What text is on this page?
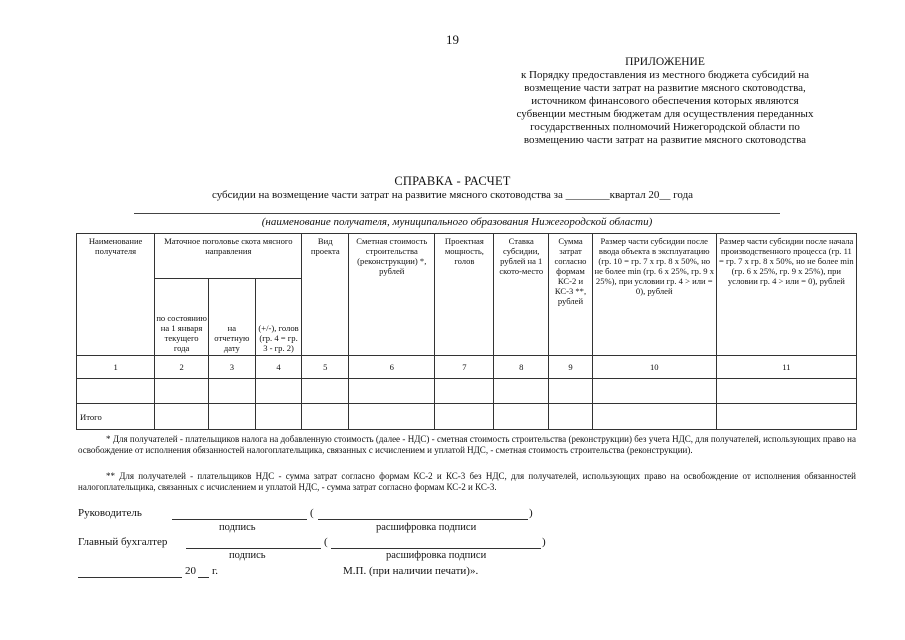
19
ПРИЛОЖЕНИЕ
к Порядку предоставления из местного бюджета субсидий на
возмещение части затрат на развитие мясного скотоводства,
источником финансового обеспечения которых являются
субвенции местным бюджетам для осуществления переданных
государственных полномочий Нижегородской области по
возмещению части затрат на развитие мясного скотоводства
СПРАВКА - РАСЧЕТ
субсидии на возмещение части затрат на развитие мясного скотоводства за ________квартал 20__ года
(наименование получателя, муниципального образования Нижегородской области)
Наименование получателя	Маточное поголовье скота мясного направления			Вид проекта	Сметная стоимость строительства (реконструкции) *, рублей	Проектная мощность, голов	Ставка субсидии, рублей на 1 ското-место	Сумма затрат согласно формам КС-2 и КС-3 **, рублей	Размер части субсидии после ввода объекта в эксплуатацию (гр. 10 = гр. 7 x гр. 8 x 50%, но не более min (гр. 6 x 25%, гр. 9 x 25%), при условии гр. 4 > или = 0), рублей	Размер части субсидии после начала производственного процесса (гр. 11 = гр. 7 x гр. 8 x 50%, но не более min (гр. 6 x 25%, гр. 9 x 25%), при условии гр. 4 > или = 0), рублей
	по состоянию на 1 января текущего года	на отчетную дату	(+/-), голов (гр. 4 = гр. 3 - гр. 2)							
1	2	3	4	5	6	7	8	9	10	11

Итого										
* Для получателей - плательщиков налога на добавленную стоимость (далее - НДС) - сметная стоимость строительства (реконструкции) без учета НДС, для получателей, использующих право на освобождение от исполнения обязанностей налогоплательщика, связанных с исчислением и уплатой НДС, - сметная стоимость строительства (реконструкции).
** Для получателей - плательщиков НДС - сумма затрат согласно формам КС-2 и КС-3 без НДС, для получателей, использующих право на освобождение от исполнения обязанностей налогоплательщика, связанных с исчислением и уплатой НДС, - сумма затрат согласно формам КС-2 и КС-3.
Руководитель	(	)
подпись	расшифровка подписи
Главный бухгалтер	(	)
подпись	расшифровка подписи
20 г.	М.П. (при наличии печати)».
